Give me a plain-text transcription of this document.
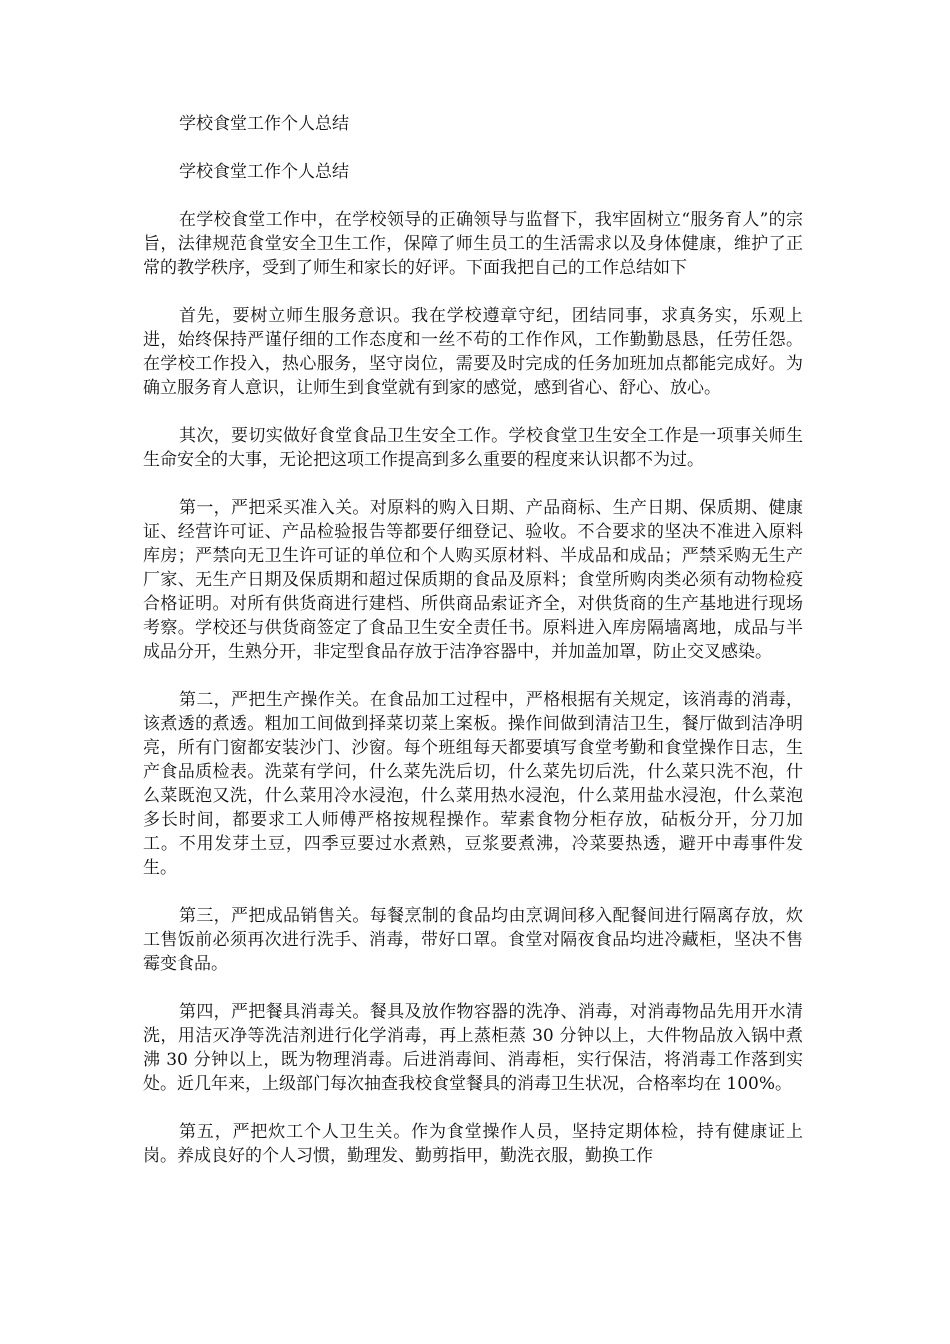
学校食堂工作个人总结

学校食堂工作个人总结

在学校食堂工作中，在学校领导的正确领导与监督下，我牢固树立“服务育人”的宗旨，法律规范食堂安全卫生工作，保障了师生员工的生活需求以及身体健康，维护了正常的教学秩序，受到了师生和家长的好评。下面我把自己的工作总结如下

首先，要树立师生服务意识。我在学校遵章守纪，团结同事，求真务实，乐观上进，始终保持严谨仔细的工作态度和一丝不苟的工作作风，工作勤勤恳恳，任劳任怨。在学校工作投入，热心服务，坚守岗位，需要及时完成的任务加班加点都能完成好。为确立服务育人意识，让师生到食堂就有到家的感觉，感到省心、舒心、放心。

其次，要切实做好食堂食品卫生安全工作。学校食堂卫生安全工作是一项事关师生生命安全的大事，无论把这项工作提高到多么重要的程度来认识都不为过。

第一，严把采买准入关。对原料的购入日期、产品商标、生产日期、保质期、健康证、经营许可证、产品检验报告等都要仔细登记、验收。不合要求的坚决不准进入原料库房；严禁向无卫生许可证的单位和个人购买原材料、半成品和成品；严禁采购无生产厂家、无生产日期及保质期和超过保质期的食品及原料；食堂所购肉类必须有动物检疫合格证明。对所有供货商进行建档、所供商品索证齐全，对供货商的生产基地进行现场考察。学校还与供货商签定了食品卫生安全责任书。原料进入库房隔墙离地，成品与半成品分开，生熟分开，非定型食品存放于洁净容器中，并加盖加罩，防止交叉感染。

第二，严把生产操作关。在食品加工过程中，严格根据有关规定，该消毒的消毒，该煮透的煮透。粗加工间做到择菜切菜上案板。操作间做到清洁卫生，餐厅做到洁净明亮，所有门窗都安装沙门、沙窗。每个班组每天都要填写食堂考勤和食堂操作日志，生产食品质检表。洗菜有学问，什么菜先洗后切，什么菜先切后洗，什么菜只洗不泡，什么菜既泡又洗，什么菜用冷水浸泡，什么菜用热水浸泡，什么菜用盐水浸泡，什么菜泡多长时间，都要求工人师傅严格按规程操作。荤素食物分柜存放，砧板分开，分刀加工。不用发芽土豆，四季豆要过水煮熟，豆浆要煮沸，冷菜要热透，避开中毒事件发生。

第三，严把成品销售关。每餐烹制的食品均由烹调间移入配餐间进行隔离存放，炊工售饭前必须再次进行洗手、消毒，带好口罩。食堂对隔夜食品均进冷藏柜，坚决不售霉变食品。

第四，严把餐具消毒关。餐具及放作物容器的洗净、消毒，对消毒物品先用开水清洗，用洁灭净等洗洁剂进行化学消毒，再上蒸柜蒸 30 分钟以上，大件物品放入锅中煮沸 30 分钟以上，既为物理消毒。后进消毒间、消毒柜，实行保洁，将消毒工作落到实处。近几年来，上级部门每次抽查我校食堂餐具的消毒卫生状况，合格率均在 100%。

第五，严把炊工个人卫生关。作为食堂操作人员，坚持定期体检，持有健康证上岗。养成良好的个人习惯，勤理发、勤剪指甲，勤洗衣服，勤换工作
